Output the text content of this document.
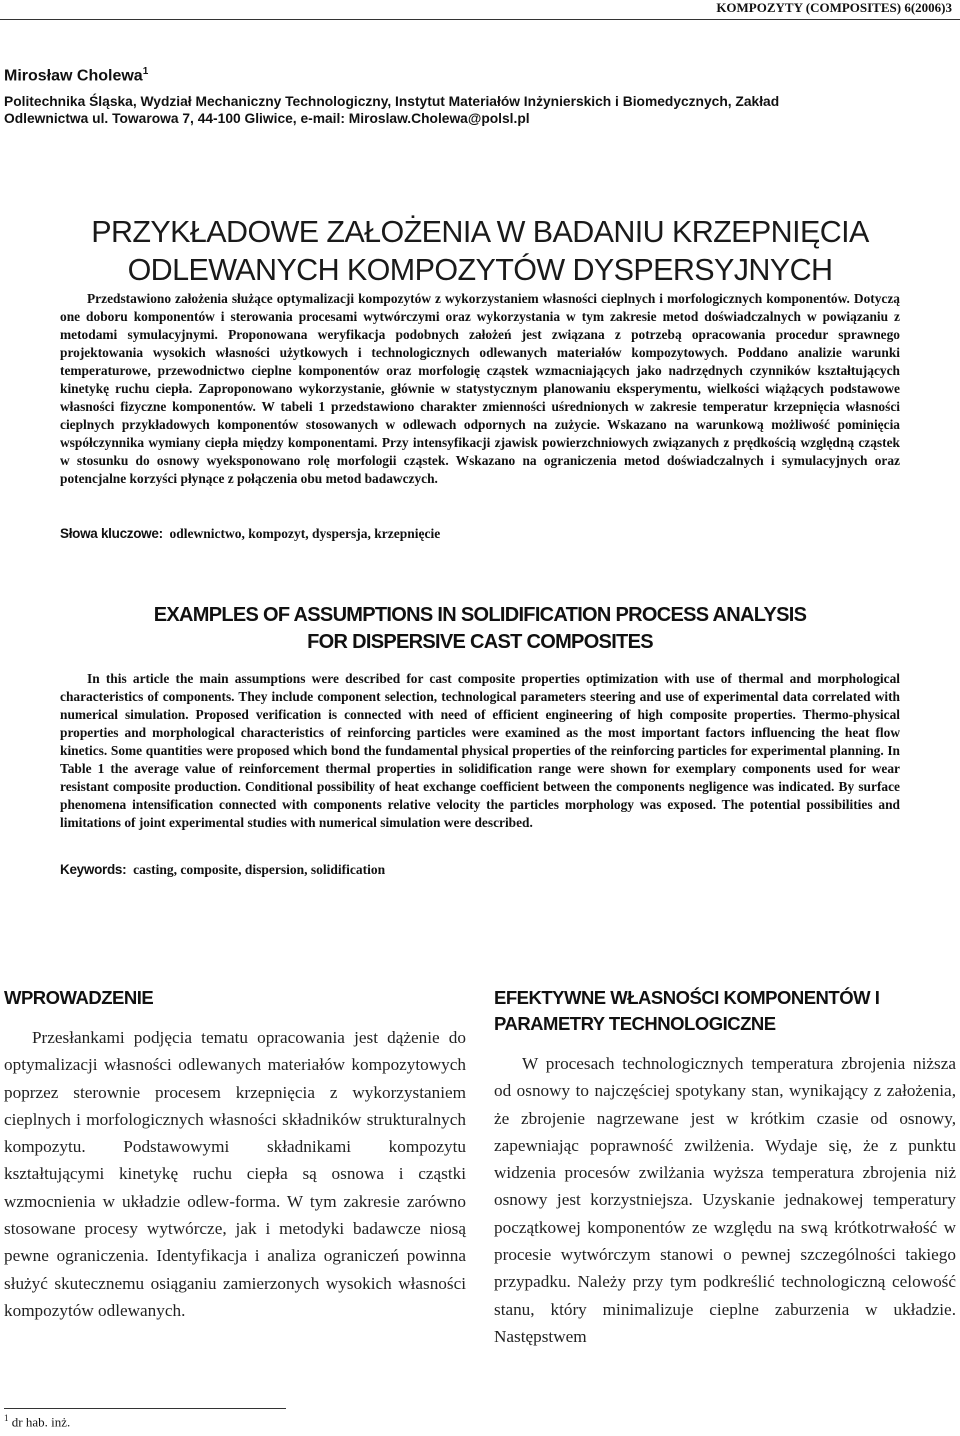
KOMPOZYTY (COMPOSITES) 6(2006)3
Mirosław Cholewa$^1$
Politechnika Śląska, Wydział Mechaniczny Technologiczny, Instytut Materiałów Inżynierskich i Biomedycznych, Zakład Odlewnictwa ul. Towarowa 7, 44-100 Gliwice, e-mail: Miroslaw.Cholewa@polsl.pl
PRZYKŁADOWE ZAŁOŻENIA W BADANIU KRZEPNIĘCIA
ODLEWANYCH KOMPOZYTÓW DYSPERSYJNYCH

Przedstawiono założenia służące optymalizacji kompozytów z wykorzystaniem własności cieplnych i morfologicznych komponentów. Dotyczą one doboru komponentów i sterowania procesami wytwórczymi oraz wykorzystania w tym zakresie metod doświadczalnych w powiązaniu z metodami symulacyjnymi. Proponowana weryfikacja podobnych założeń jest związana z potrzebą opracowania procedur sprawnego projektowania wysokich własności użytkowych i technologicznych odlewanych materiałów kompozytowych. Poddano analizie warunki temperaturowe, przewodnictwo cieplne komponentów oraz morfologię cząstek wzmacniających jako nadrzędnych czynników kształtujących kinetykę ruchu ciepła. Zaproponowano wykorzystanie, głównie w statystycznym planowaniu eksperymentu, wielkości wiążących podstawowe własności fizyczne komponentów. W tabeli 1 przedstawiono charakter zmienności uśrednionych w zakresie temperatur krzepnięcia własności cieplnych przykładowych komponentów stosowanych w odlewach odpornych na zużycie. Wskazano na warunkową możliwość pominięcia współczynnika wymiany ciepła między komponentami. Przy intensyfikacji zjawisk powierzchniowych związanych z prędkością względną cząstek w stosunku do osnowy wyeksponowano rolę morfologii cząstek. Wskazano na ograniczenia metod doświadczalnych i symulacyjnych oraz potencjalne korzyści płynące z połączenia obu metod badawczych.

Słowa kluczowe: odlewnictwo, kompozyt, dyspersja, krzepnięcie
EXAMPLES OF ASSUMPTIONS IN SOLIDIFICATION PROCESS ANALYSIS
FOR DISPERSIVE CAST COMPOSITES

In this article the main assumptions were described for cast composite properties optimization with use of thermal and morphological characteristics of components. They include component selection, technological parameters steering and use of experimental data correlated with numerical simulation. Proposed verification is connected with need of efficient engineering of high composite properties. Thermo-physical properties and morphological characteristics of reinforcing particles were examined as the most important factors influencing the heat flow kinetics. Some quantities were proposed which bond the fundamental physical properties of the reinforcing particles for experimental planning. In Table 1 the average value of reinforcement thermal properties in solidification range were shown for exemplary components used for wear resistant composite production. Conditional possibility of heat exchange coefficient between the components negligence was indicated. By surface phenomena intensification connected with components relative velocity the particles morphology was exposed. The potential possibilities and limitations of joint experimental studies with numerical simulation were described.

Keywords: casting, composite, dispersion, solidification
WPROWADZENIE

Przesłankami podjęcia tematu opracowania jest dążenie do optymalizacji własności odlewanych materiałów kompozytowych poprzez sterownie procesem krzepnięcia z wykorzystaniem cieplnych i morfologicznych własności składników strukturalnych kompozytu. Podstawowymi składnikami kompozytu kształtującymi kinetykę ruchu ciepła są osnowa i cząstki wzmocnienia w układzie odlew-forma. W tym zakresie zarówno stosowane procesy wytwórcze, jak i metodyki badawcze niosą pewne ograniczenia. Identyfikacja i analiza ograniczeń powinna służyć skutecznemu osiąganiu zamierzonych wysokich własności kompozytów odlewanych.

EFEKTYWNE WŁASNOŚCI KOMPONENTÓW I PARAMETRY TECHNOLOGICZNE

W procesach technologicznych temperatura zbrojenia niższa od osnowy to najczęściej spotykany stan, wynikający z założenia, że zbrojenie nagrzewane jest w krótkim czasie od osnowy, zapewniając poprawność zwilżenia. Wydaje się, że z punktu widzenia procesów zwilżania wyższa temperatura zbrojenia niż osnowy jest korzystniejsza. Uzyskanie jednakowej temperatury początkowej komponentów ze względu na swą krótkotrwałość w procesie wytwórczym stanowi o pewnej szczególności takiego przypadku. Należy przy tym podkreślić technologiczną celowość stanu, który minimalizuje cieplne zaburzenia w układzie. Następstwem

$^1$ dr hab. inż.
